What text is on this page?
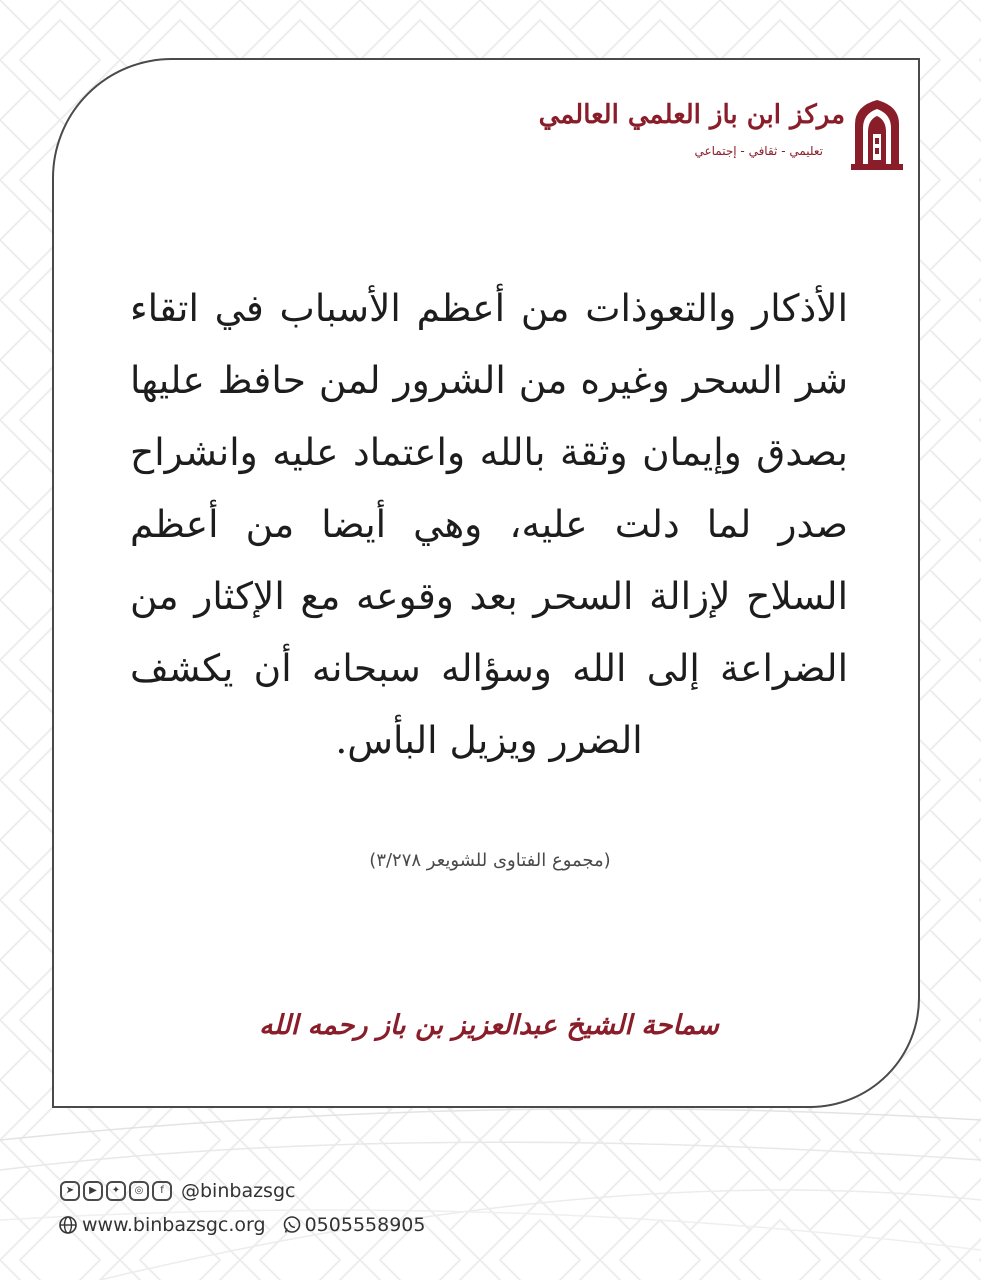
مركز ابن باز العلمي العالمي
تعليمي - ثقافي - إجتماعي
الأذكار والتعوذات من أعظم الأسباب في اتقاء شر السحر وغيره من الشرور لمن حافظ عليها بصدق وإيمان وثقة بالله واعتماد عليه وانشراح صدر لما دلت عليه، وهي أيضا من أعظم السلاح لإزالة السحر بعد وقوعه مع الإكثار من الضراعة إلى الله وسؤاله سبحانه أن يكشف الضرر ويزيل البأس.
(مجموع الفتاوى للشويعر ٣/٢٧٨)
سماحة الشيخ عبدالعزيز بن باز رحمه الله
➤	▶	✦	◎	f @binbazsgc
www.binbazsgc.org 0505558905
